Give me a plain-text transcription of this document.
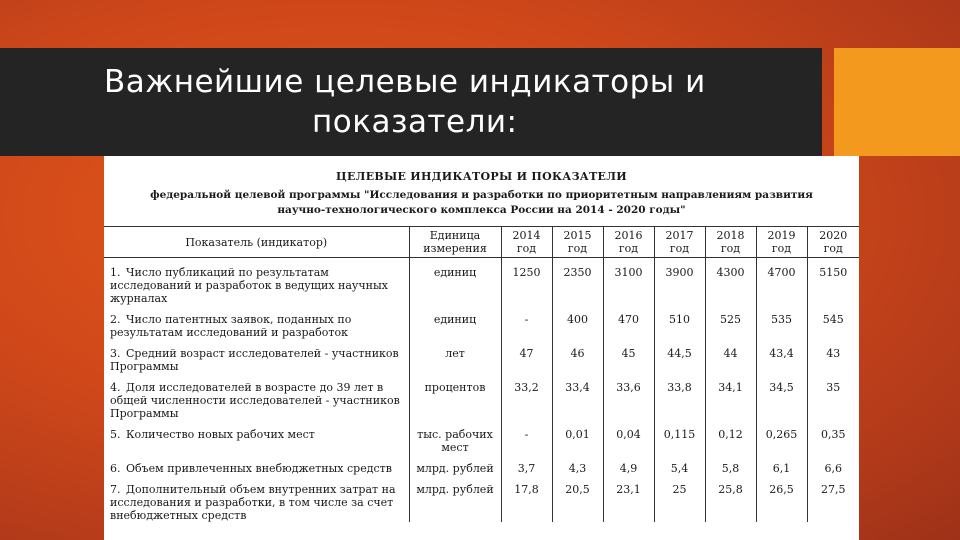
Важнейшие целевые индикаторы и
показатели:
ЦЕЛЕВЫЕ ИНДИКАТОРЫ И ПОКАЗАТЕЛИ
федеральной целевой программы "Исследования и разработки по приоритетным направлениям развития
научно-технологического комплекса России на 2014 - 2020 годы"
Показатель (индикатор)	Единица измерения	2014 год	2015 год	2016 год	2017 год	2018 год	2019 год	2020 год

1. Число публикаций по результатам исследований и разработок в ведущих научных журналах	единиц	1250	2350	3100	3900	4300	4700	5150

2. Число патентных заявок, поданных по результатам исследований и разработок	единиц	-	400	470	510	525	535	545

3. Средний возраст исследователей - участников Программы	лет	47	46	45	44,5	44	43,4	43

4. Доля исследователей в возрасте до 39 лет в общей численности исследователей - участников Программы	процентов	33,2	33,4	33,6	33,8	34,1	34,5	35

5. Количество новых рабочих мест	тыс. рабочих мест	-	0,01	0,04	0,115	0,12	0,265	0,35

6. Объем привлеченных внебюджетных средств	млрд. рублей	3,7	4,3	4,9	5,4	5,8	6,1	6,6

7. Дополнительный объем внутренних затрат на исследования и разработки, в том числе за счет внебюджетных средств	млрд. рублей	17,8	20,5	23,1	25	25,8	26,5	27,5
